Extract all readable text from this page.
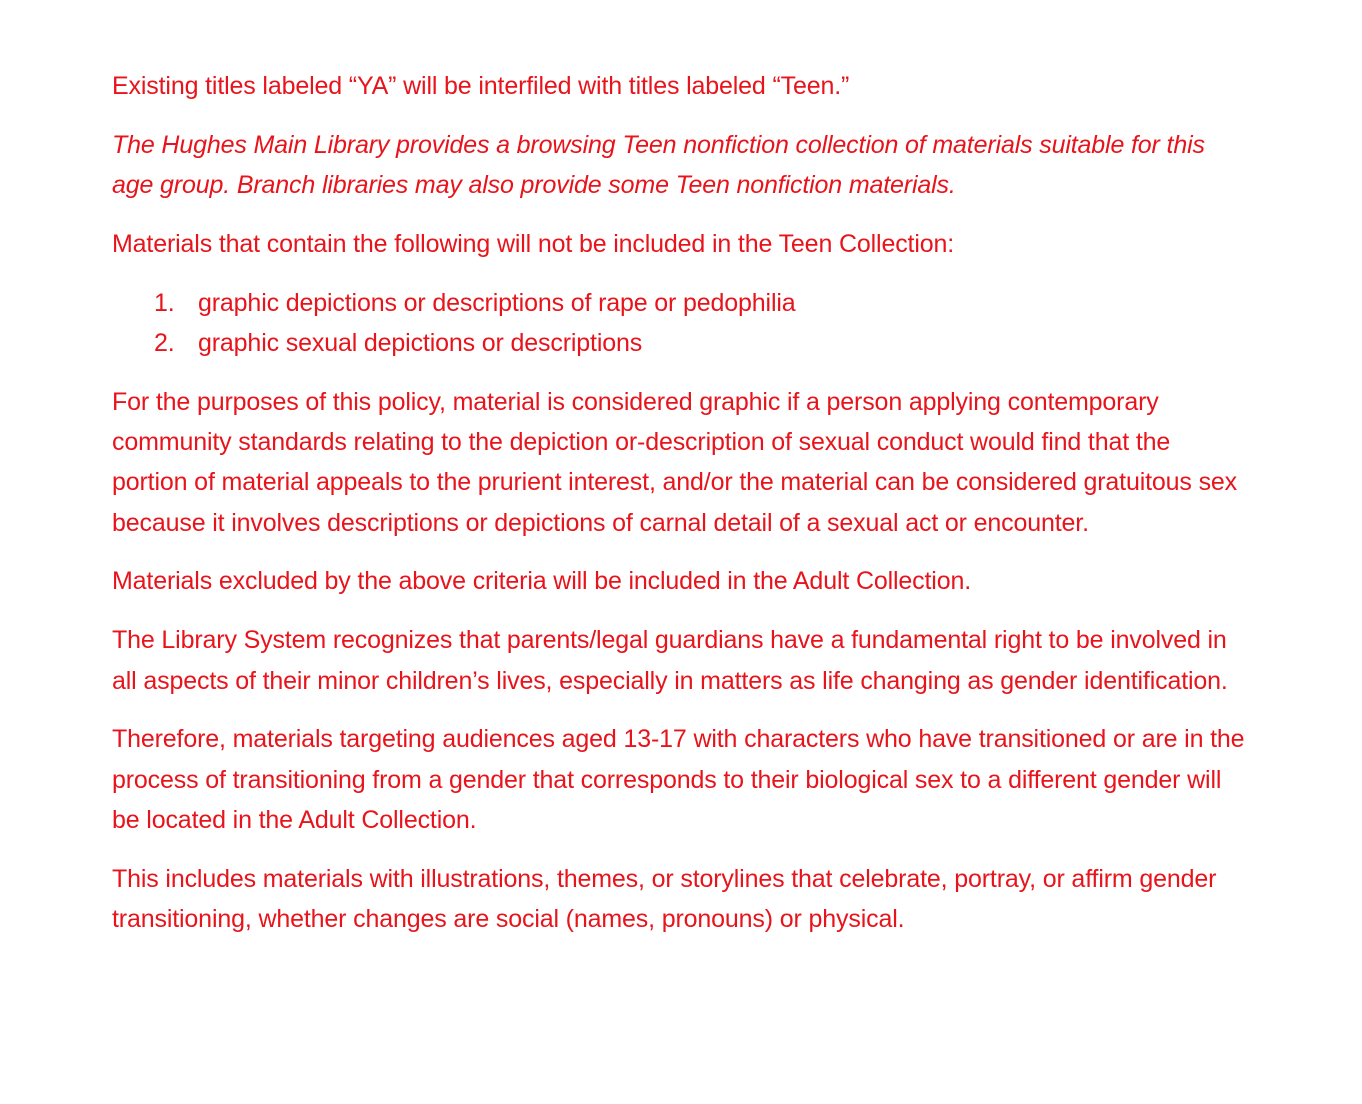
Existing titles labeled “YA” will be interfiled with titles labeled “Teen.”

The Hughes Main Library provides a browsing Teen nonfiction collection of materials suitable for this age group. Branch libraries may also provide some Teen nonfiction materials.

Materials that contain the following will not be included in the Teen Collection:

1. graphic depictions or descriptions of rape or pedophilia
2. graphic sexual depictions or descriptions

For the purposes of this policy, material is considered graphic if a person applying contemporary community standards relating to the depiction or-description of sexual conduct would find that the portion of material appeals to the prurient interest, and/or the material can be considered gratuitous sex because it involves descriptions or depictions of carnal detail of a sexual act or encounter.

Materials excluded by the above criteria will be included in the Adult Collection.

The Library System recognizes that parents/legal guardians have a fundamental right to be involved in all aspects of their minor children’s lives, especially in matters as life changing as gender identification.

Therefore, materials targeting audiences aged 13-17 with characters who have transitioned or are in the process of transitioning from a gender that corresponds to their biological sex to a different gender will be located in the Adult Collection.

This includes materials with illustrations, themes, or storylines that celebrate, portray, or affirm gender transitioning, whether changes are social (names, pronouns) or physical.
